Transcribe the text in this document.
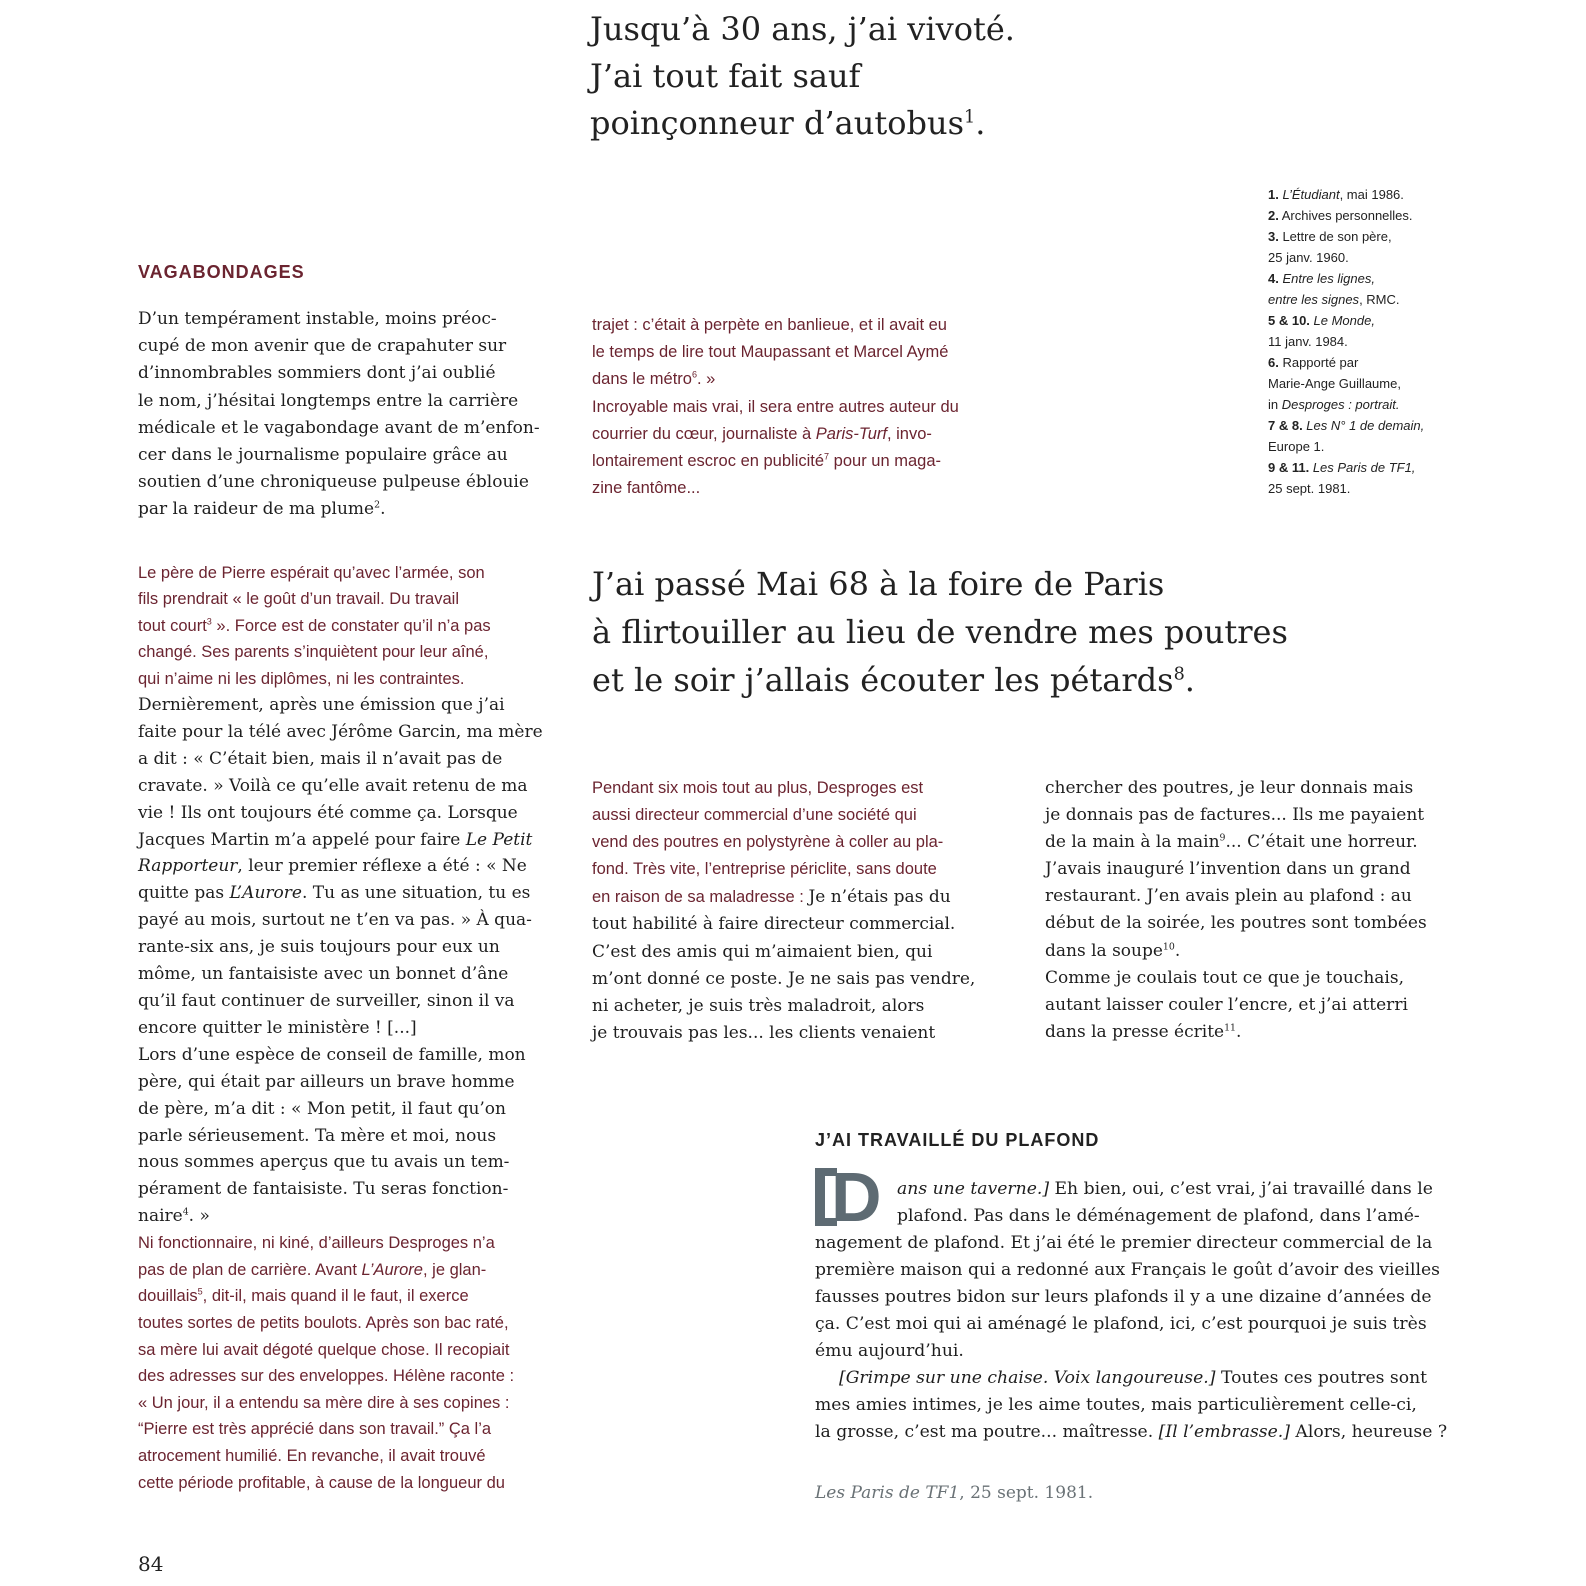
Jusqu’à 30 ans, j’ai vivoté.
J’ai tout fait sauf
poinçonneur d’autobus$^1$.
1. L’Étudiant, mai 1986.
2. Archives personnelles.
3. Lettre de son père,
25 janv. 1960.
4. Entre les lignes,
entre les signes, RMC.
5 & 10. Le Monde,
11 janv. 1984.
6. Rapporté par
Marie-Ange Guillaume,
in Desproges : portrait.
7 & 8. Les N° 1 de demain,
Europe 1.
9 & 11. Les Paris de TF1,
25 sept. 1981.
VAGABONDAGES

D’un tempérament instable, moins préoc-
cupé de mon avenir que de crapahuter sur
d’innombrables sommiers dont j’ai oublié
le nom, j’hésitai longtemps entre la carrière
médicale et le vagabondage avant de m’enfon-
cer dans le journalisme populaire grâce au
soutien d’une chroniqueuse pulpeuse éblouie
par la raideur de ma plume$^2$.

Le père de Pierre espérait qu’avec l’armée, son
fils prendrait « le goût d’un travail. Du travail
tout court$^3$ ». Force est de constater qu’il n’a pas
changé. Ses parents s’inquiètent pour leur aîné,
qui n’aime ni les diplômes, ni les contraintes.

Dernièrement, après une émission que j’ai
faite pour la télé avec Jérôme Garcin, ma mère
a dit : « C’était bien, mais il n’avait pas de
cravate. » Voilà ce qu’elle avait retenu de ma
vie ! Ils ont toujours été comme ça. Lorsque
Jacques Martin m’a appelé pour faire Le Petit
Rapporteur, leur premier réflexe a été : « Ne
quitte pas L’Aurore. Tu as une situation, tu es
payé au mois, surtout ne t’en va pas. » À qua-
rante-six ans, je suis toujours pour eux un
môme, un fantaisiste avec un bonnet d’âne
qu’il faut continuer de surveiller, sinon il va
encore quitter le ministère ! [...]
Lors d’une espèce de conseil de famille, mon
père, qui était par ailleurs un brave homme
de père, m’a dit : « Mon petit, il faut qu’on
parle sérieusement. Ta mère et moi, nous
nous sommes aperçus que tu avais un tem-
pérament de fantaisiste. Tu seras fonction-
naire$^4$. »

Ni fonctionnaire, ni kiné, d’ailleurs Desproges n’a
pas de plan de carrière. Avant L’Aurore, je glan-
douillais$^5$, dit-il, mais quand il le faut, il exerce
toutes sortes de petits boulots. Après son bac raté,
sa mère lui avait dégoté quelque chose. Il recopiait
des adresses sur des enveloppes. Hélène raconte :
« Un jour, il a entendu sa mère dire à ses copines :
“Pierre est très apprécié dans son travail.” Ça l’a
atrocement humilié. En revanche, il avait trouvé
cette période profitable, à cause de la longueur du

trajet : c’était à perpète en banlieue, et il avait eu
le temps de lire tout Maupassant et Marcel Aymé
dans le métro$^6$. »
Incroyable mais vrai, il sera entre autres auteur du
courrier du cœur, journaliste à Paris-Turf, invo-
lontairement escroc en publicité$^7$ pour un maga-
zine fantôme...

J’ai passé Mai 68 à la foire de Paris
à flirtouiller au lieu de vendre mes poutres
et le soir j’allais écouter les pétards$^8$.

Pendant six mois tout au plus, Desproges est
aussi directeur commercial d’une société qui
vend des poutres en polystyrène à coller au pla-
fond. Très vite, l’entreprise périclite, sans doute
en raison de sa maladresse : Je n’étais pas du
tout habilité à faire directeur commercial.
C’est des amis qui m’aimaient bien, qui
m’ont donné ce poste. Je ne sais pas vendre,
ni acheter, je suis très maladroit, alors
je trouvais pas les... les clients venaient

chercher des poutres, je leur donnais mais
je donnais pas de factures... Ils me payaient
de la main à la main$^9$... C’était une horreur.
J’avais inauguré l’invention dans un grand
restaurant. J’en avais plein au plafond : au
début de la soirée, les poutres sont tombées
dans la soupe$^{10}$.
Comme je coulais tout ce que je touchais,
autant laisser couler l’encre, et j’ai atterri
dans la presse écrite$^{11}$.

J’AI TRAVAILLÉ DU PLAFOND
D ans une taverne.] Eh bien, oui, c’est vrai, j’ai travaillé dans le
plafond. Pas dans le déménagement de plafond, dans l’amé-
nagement de plafond. Et j’ai été le premier directeur commercial de la
première maison qui a redonné aux Français le goût d’avoir des vieilles
fausses poutres bidon sur leurs plafonds il y a une dizaine d’années de
ça. C’est moi qui ai aménagé le plafond, ici, c’est pourquoi je suis très
ému aujourd’hui.
[Grimpe sur une chaise. Voix langoureuse.] Toutes ces poutres sont
mes amies intimes, je les aime toutes, mais particulièrement celle-ci,
la grosse, c’est ma poutre... maîtresse. [Il l’embrasse.] Alors, heureuse ?
Les Paris de TF1, 25 sept. 1981.
84
